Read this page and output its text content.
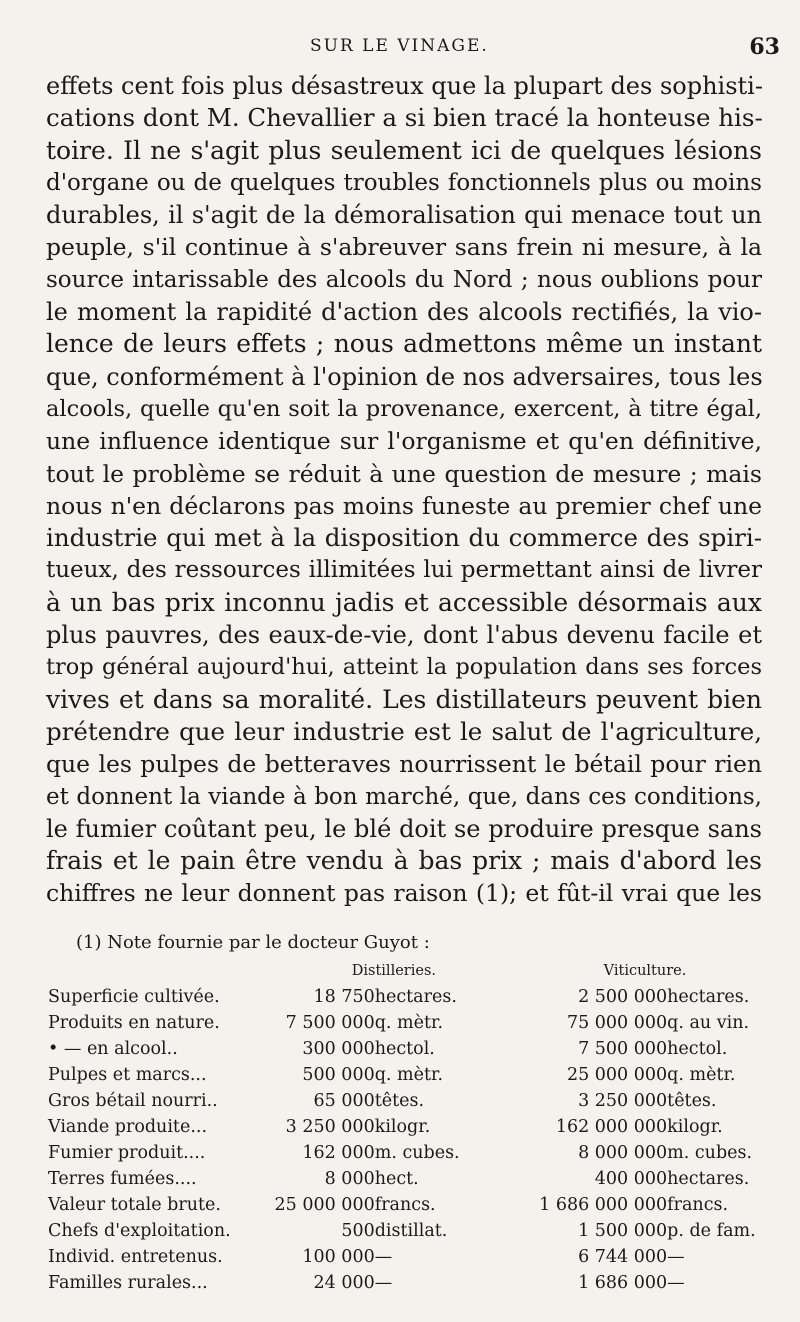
SUR LE VINAGE.	63
effets cent fois plus désastreux que la plupart des sophisti-
cations dont M. Chevallier a si bien tracé la honteuse his-
toire. Il ne s'agit plus seulement ici de quelques lésions
d'organe ou de quelques troubles fonctionnels plus ou moins
durables, il s'agit de la démoralisation qui menace tout un
peuple, s'il continue à s'abreuver sans frein ni mesure, à la
source intarissable des alcools du Nord ; nous oublions pour
le moment la rapidité d'action des alcools rectifiés, la vio-
lence de leurs effets ; nous admettons même un instant
que, conformément à l'opinion de nos adversaires, tous les
alcools, quelle qu'en soit la provenance, exercent, à titre égal,
une influence identique sur l'organisme et qu'en définitive,
tout le problème se réduit à une question de mesure ; mais
nous n'en déclarons pas moins funeste au premier chef une
industrie qui met à la disposition du commerce des spiri-
tueux, des ressources illimitées lui permettant ainsi de livrer
à un bas prix inconnu jadis et accessible désormais aux
plus pauvres, des eaux-de-vie, dont l'abus devenu facile et
trop général aujourd'hui, atteint la population dans ses forces
vives et dans sa moralité. Les distillateurs peuvent bien
prétendre que leur industrie est le salut de l'agriculture,
que les pulpes de betteraves nourrissent le bétail pour rien
et donnent la viande à bon marché, que, dans ces conditions,
le fumier coûtant peu, le blé doit se produire presque sans
frais et le pain être vendu à bas prix ; mais d'abord les
chiffres ne leur donnent pas raison (1); et fût-il vrai que les
(1) Note fournie par le docteur Guyot :
	Distilleries.		Viticulture.	
Superficie cultivée.	18 750	hectares.	2 500 000	hectares.
Produits en nature.	7 500 000	q. mètr.	75 000 000	q. au vin.
• — en alcool..	300 000	hectol.	7 500 000	hectol.
Pulpes et marcs...	500 000	q. mètr.	25 000 000	q. mètr.
Gros bétail nourri..	65 000	têtes.	3 250 000	têtes.
Viande produite...	3 250 000	kilogr.	162 000 000	kilogr.
Fumier produit....	162 000	m. cubes.	8 000 000	m. cubes.
Terres fumées....	8 000	hect.	400 000	hectares.
Valeur totale brute.	25 000 000	francs.	1 686 000 000	francs.
Chefs d'exploitation.	500	distillat.	1 500 000	p. de fam.
Individ. entretenus.	100 000	—	6 744 000	—
Familles rurales...	24 000	—	1 686 000	—
